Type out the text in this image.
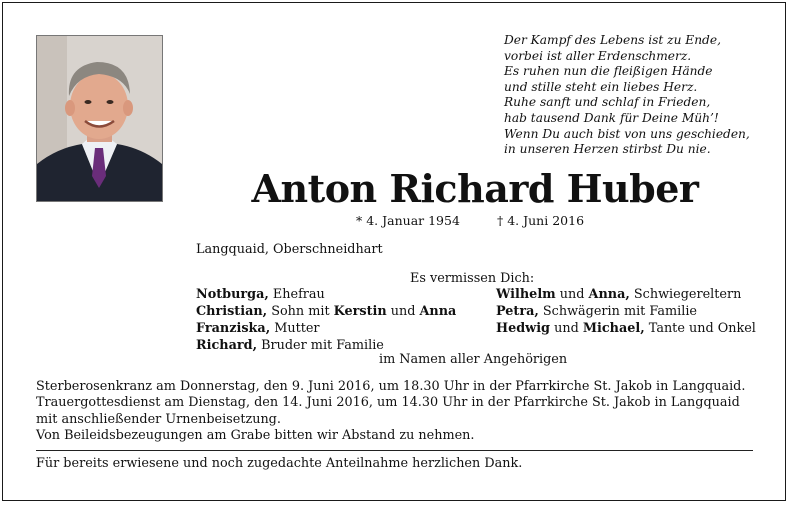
Der Kampf des Lebens ist zu Ende,
vorbei ist aller Erdenschmerz.
Es ruhen nun die fleißigen Hände
und stille steht ein liebes Herz.
Ruhe sanft und schlaf in Frieden,
hab tausend Dank für Deine Müh’!
Wenn Du auch bist von uns geschieden,
in unseren Herzen stirbst Du nie.
Anton Richard Huber
* 4. Januar 1954	† 4. Juni 2016
Langquaid, Oberschneidhart
Es vermissen Dich:
Notburga, Ehefrau
Christian, Sohn mit Kerstin und Anna
Franziska, Mutter
Richard, Bruder mit Familie
Wilhelm und Anna, Schwiegereltern
Petra, Schwägerin mit Familie
Hedwig und Michael, Tante und Onkel
im Namen aller Angehörigen
Sterberosenkranz am Donnerstag, den 9. Juni 2016, um 18.30 Uhr in der Pfarrkirche St. Jakob in Langquaid.
Trauergottesdienst am Dienstag, den 14. Juni 2016, um 14.30 Uhr in der Pfarrkirche St. Jakob in Langquaid
mit anschließender Urnenbeisetzung.
Von Beileidsbezeugungen am Grabe bitten wir Abstand zu nehmen.
Für bereits erwiesene und noch zugedachte Anteilnahme herzlichen Dank.
